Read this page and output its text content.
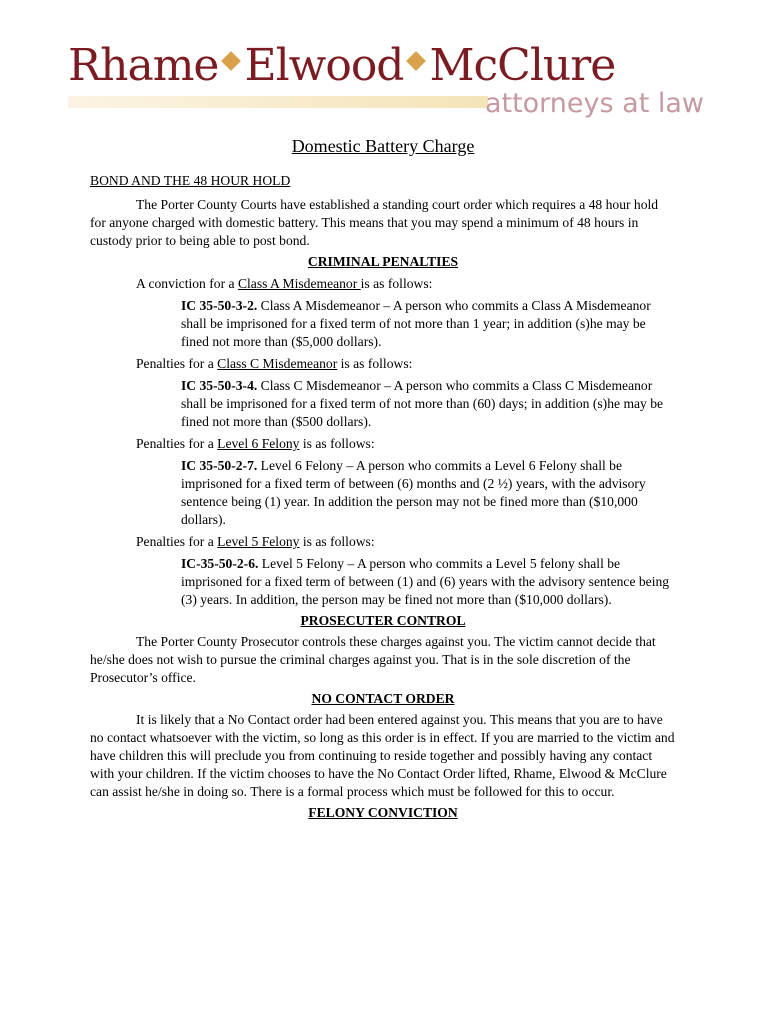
Rhame Elwood McClure
attorneys at law

Domestic Battery Charge

BOND AND THE 48 HOUR HOLD

The Porter County Courts have established a standing court order which requires a 48 hour hold for anyone charged with domestic battery. This means that you may spend a minimum of 48 hours in custody prior to being able to post bond.

CRIMINAL PENALTIES

A conviction for a Class A Misdemeanor is as follows:

IC 35-50-3-2. Class A Misdemeanor – A person who commits a Class A Misdemeanor shall be imprisoned for a fixed term of not more than 1 year; in addition (s)he may be fined not more than ($5,000 dollars).

Penalties for a Class C Misdemeanor is as follows:

IC 35-50-3-4. Class C Misdemeanor – A person who commits a Class C Misdemeanor shall be imprisoned for a fixed term of not more than (60) days; in addition (s)he may be fined not more than ($500 dollars).

Penalties for a Level 6 Felony is as follows:

IC 35-50-2-7. Level 6 Felony – A person who commits a Level 6 Felony shall be imprisoned for a fixed term of between (6) months and (2 ½) years, with the advisory sentence being (1) year. In addition the person may not be fined more than ($10,000 dollars).

Penalties for a Level 5 Felony is as follows:

IC-35-50-2-6. Level 5 Felony – A person who commits a Level 5 felony shall be imprisoned for a fixed term of between (1) and (6) years with the advisory sentence being (3) years. In addition, the person may be fined not more than ($10,000 dollars).

PROSECUTER CONTROL

The Porter County Prosecutor controls these charges against you. The victim cannot decide that he/she does not wish to pursue the criminal charges against you. That is in the sole discretion of the Prosecutor’s office.

NO CONTACT ORDER

It is likely that a No Contact order had been entered against you. This means that you are to have no contact whatsoever with the victim, so long as this order is in effect. If you are married to the victim and have children this will preclude you from continuing to reside together and possibly having any contact with your children. If the victim chooses to have the No Contact Order lifted, Rhame, Elwood & McClure can assist he/she in doing so. There is a formal process which must be followed for this to occur.

FELONY CONVICTION
